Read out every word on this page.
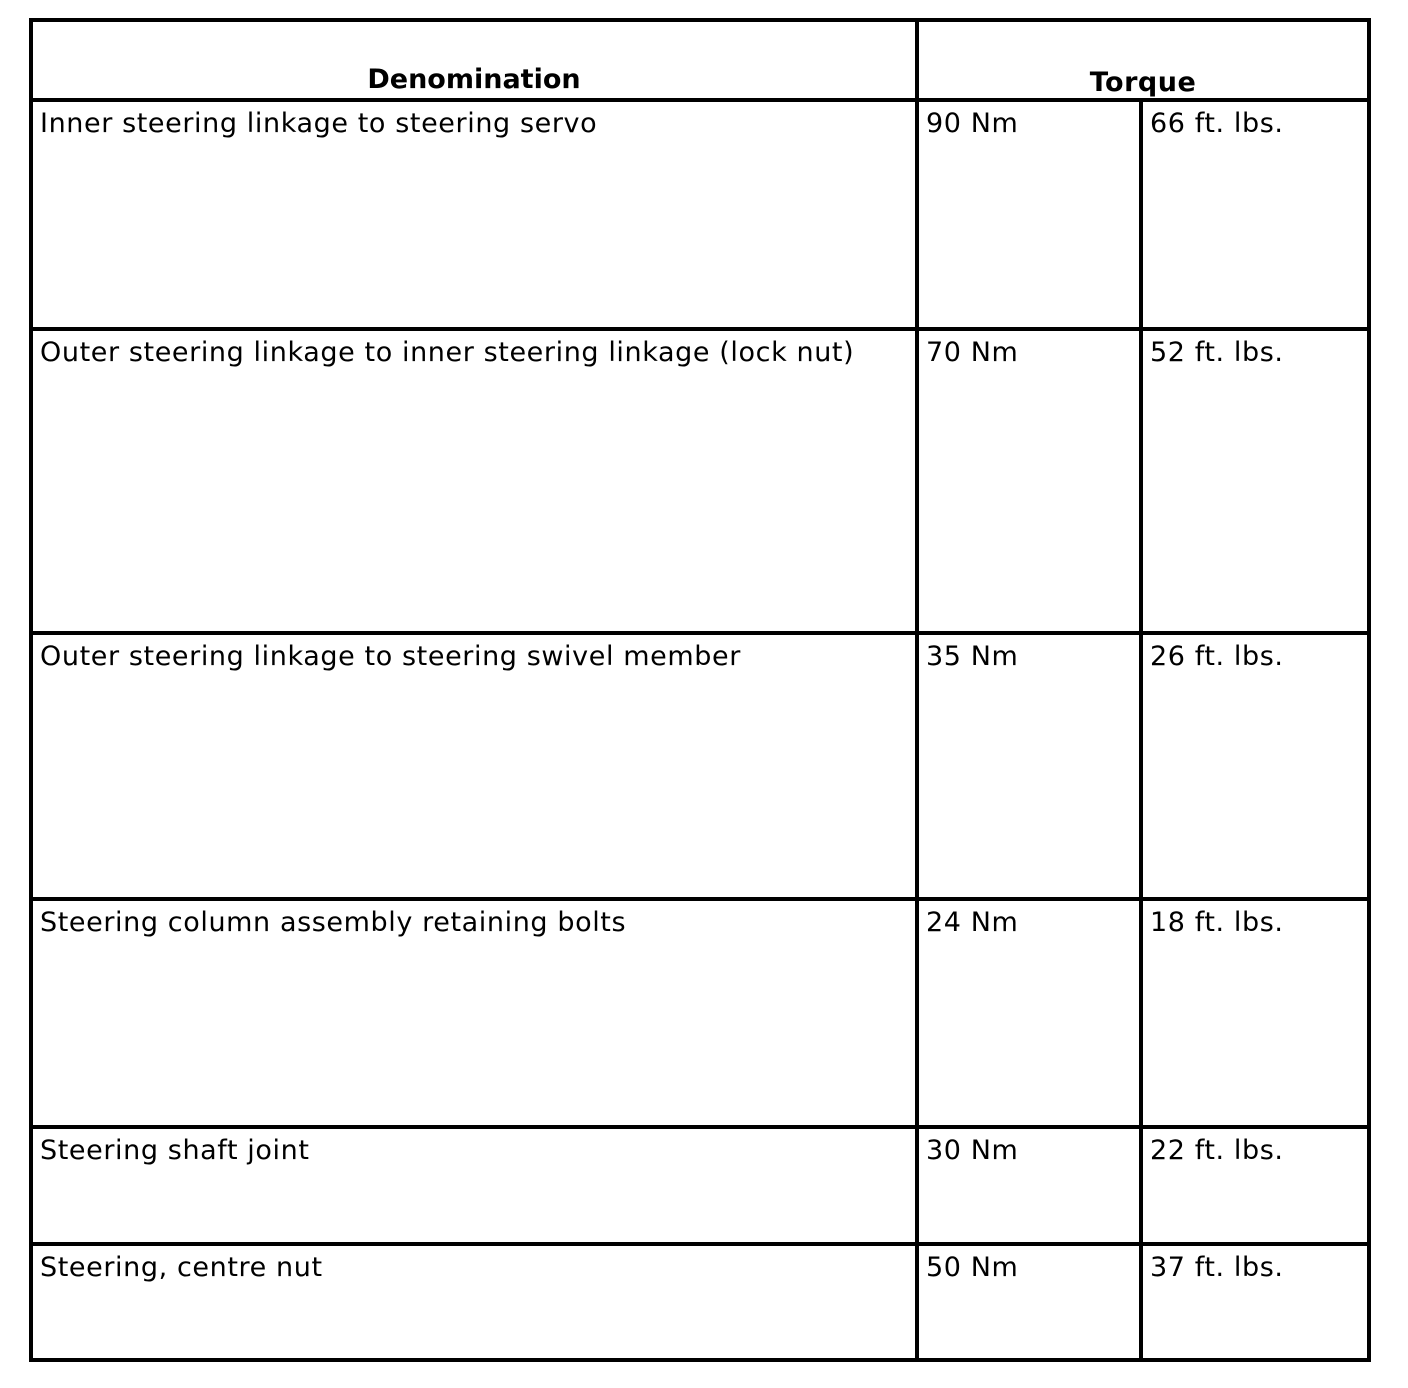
Denomination	Torque	

Inner steering linkage to steering servo	90 Nm	66 ft. lbs.

Outer steering linkage to inner steering linkage (lock nut)	70 Nm	52 ft. lbs.

Outer steering linkage to steering swivel member	35 Nm	26 ft. lbs.

Steering column assembly retaining bolts	24 Nm	18 ft. lbs.

Steering shaft joint	30 Nm	22 ft. lbs.

Steering, centre nut	50 Nm	37 ft. lbs.
